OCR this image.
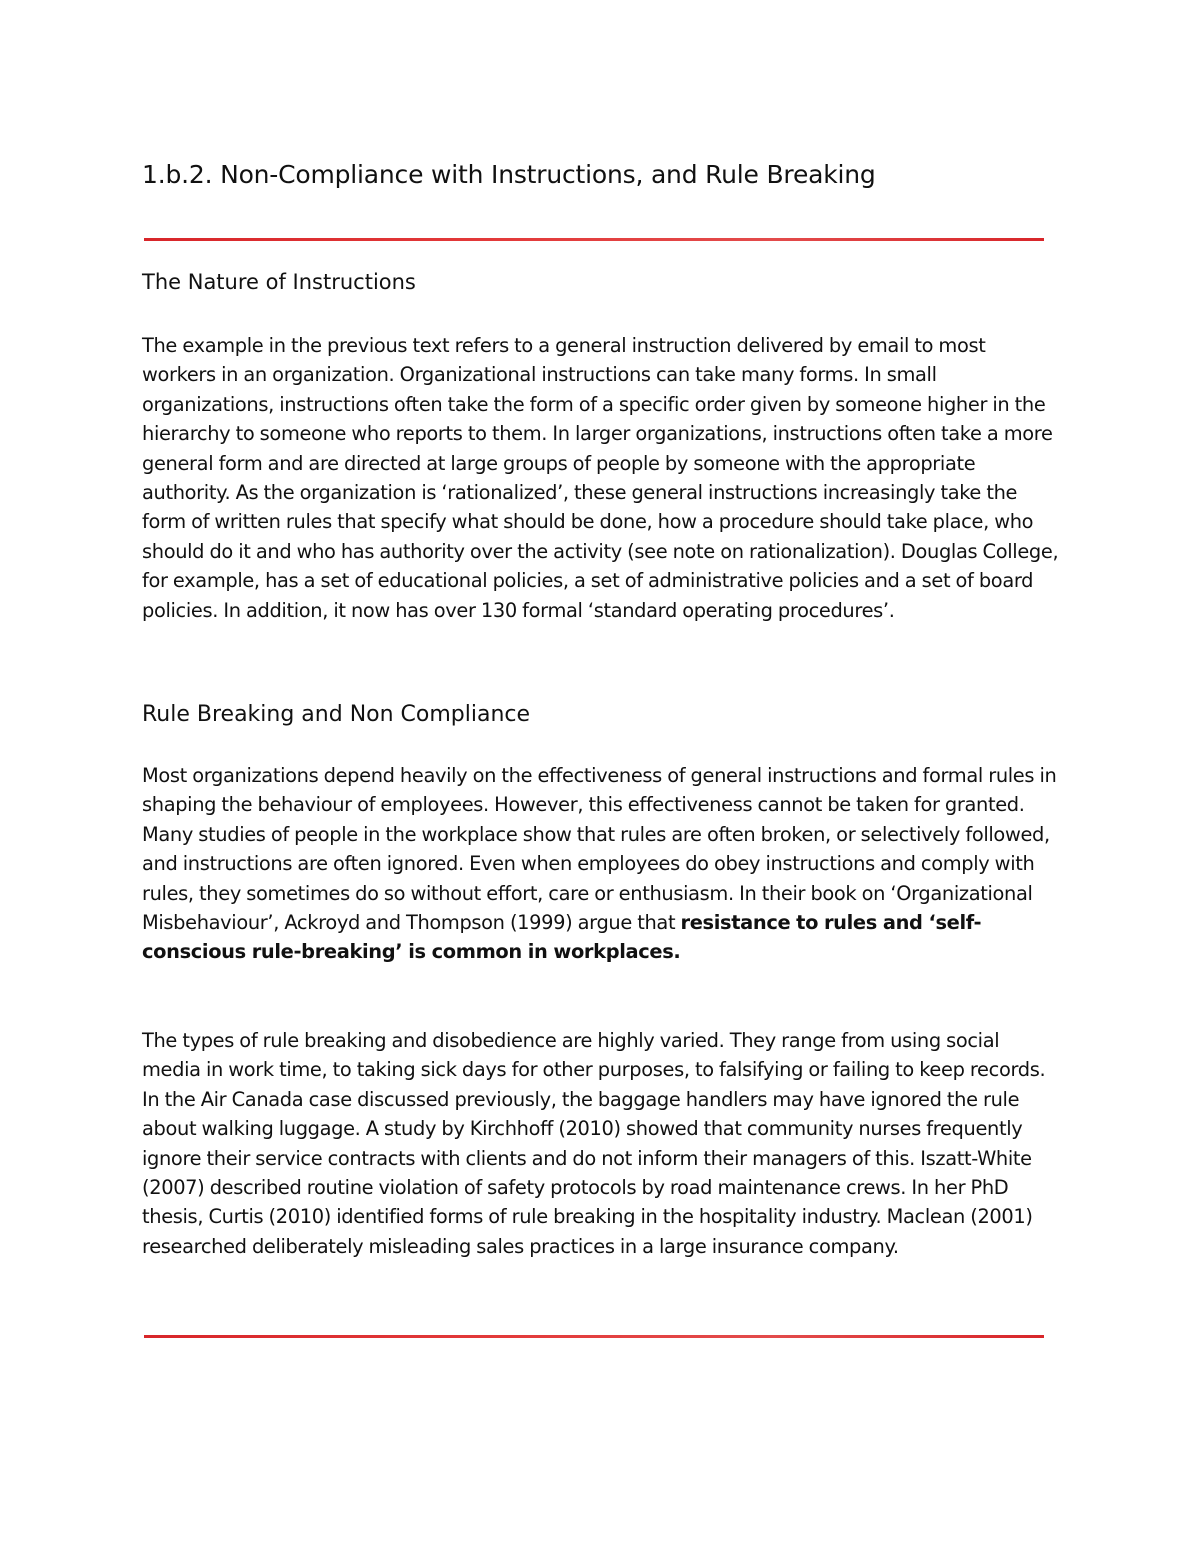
1.b.2. Non-Compliance with Instructions, and Rule Breaking
The Nature of Instructions

The example in the previous text refers to a general instruction delivered by email to most workers in an organization. Organizational instructions can take many forms. In small organizations, instructions often take the form of a specific order given by someone higher in the hierarchy to someone who reports to them. In larger organizations, instructions often take a more general form and are directed at large groups of people by someone with the appropriate authority. As the organization is ‘rationalized’, these general instructions increasingly take the form of written rules that specify what should be done, how a procedure should take place, who should do it and who has authority over the activity (see note on rationalization). Douglas College, for example, has a set of educational policies, a set of administrative policies and a set of board policies. In addition, it now has over 130 formal ‘standard operating procedures’.

Rule Breaking and Non Compliance

Most organizations depend heavily on the effectiveness of general instructions and formal rules in shaping the behaviour of employees. However, this effectiveness cannot be taken for granted. Many studies of people in the workplace show that rules are often broken, or selectively followed, and instructions are often ignored. Even when employees do obey instructions and comply with rules, they sometimes do so without effort, care or enthusiasm. In their book on ‘Organizational Misbehaviour’, Ackroyd and Thompson (1999) argue that resistance to rules and ‘self-conscious rule-breaking’ is common in workplaces.

The types of rule breaking and disobedience are highly varied. They range from using social media in work time, to taking sick days for other purposes, to falsifying or failing to keep records. In the Air Canada case discussed previously, the baggage handlers may have ignored the rule about walking luggage. A study by Kirchhoff (2010) showed that community nurses frequently ignore their service contracts with clients and do not inform their managers of this. Iszatt-White (2007) described routine violation of safety protocols by road maintenance crews. In her PhD thesis, Curtis (2010) identified forms of rule breaking in the hospitality industry. Maclean (2001) researched deliberately misleading sales practices in a large insurance company.
